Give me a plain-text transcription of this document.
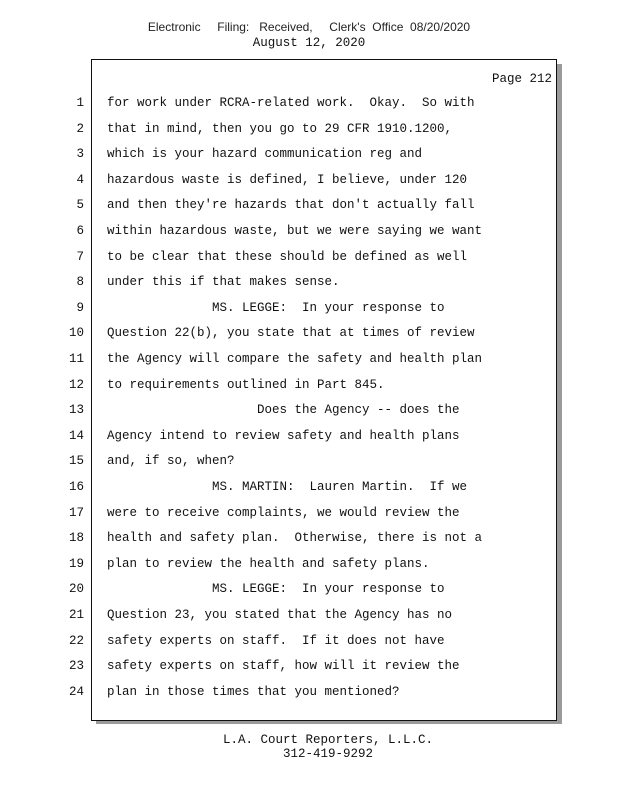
Electronic     Filing:   Received,     Clerk's  Office  08/20/2020
August 12, 2020
Page 212
1 for work under RCRA-related work.  Okay.  So with
2 that in mind, then you go to 29 CFR 1910.1200,
3 which is your hazard communication reg and
4 hazardous waste is defined, I believe, under 120
5 and then they're hazards that don't actually fall
6 within hazardous waste, but we were saying we want
7 to be clear that these should be defined as well
8 under this if that makes sense.
9 MS. LEGGE:  In your response to
10 Question 22(b), you state that at times of review
11 the Agency will compare the safety and health plan
12 to requirements outlined in Part 845.
13 Does the Agency -- does the
14 Agency intend to review safety and health plans
15 and, if so, when?
16 MS. MARTIN:  Lauren Martin.  If we
17 were to receive complaints, we would review the
18 health and safety plan.  Otherwise, there is not a
19 plan to review the health and safety plans.
20 MS. LEGGE:  In your response to
21 Question 23, you stated that the Agency has no
22 safety experts on staff.  If it does not have
23 safety experts on staff, how will it review the
24 plan in those times that you mentioned?
L.A. Court Reporters, L.L.C.
312-419-9292
